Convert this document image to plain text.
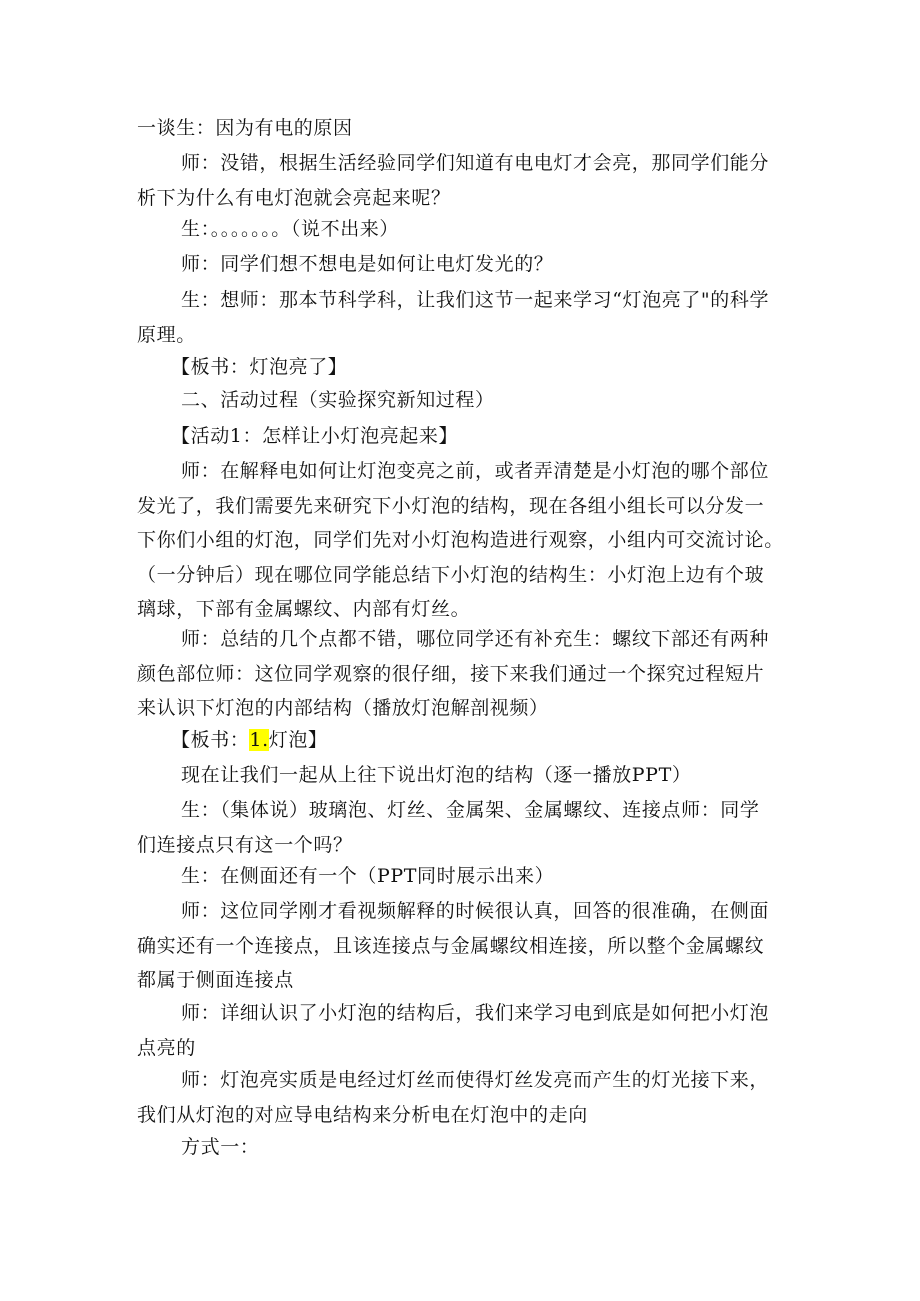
一谈生：因为有电的原因
师：没错，根据生活经验同学们知道有电电灯才会亮，那同学们能分
析下为什么有电灯泡就会亮起来呢？
生：。。。。。。。（说不出来）
师：同学们想不想电是如何让电灯发光的？
生：想师：那本节科学科，让我们这节一起来学习“灯泡亮了"的科学
原理。
【板书：灯泡亮了】
二、活动过程（实验探究新知过程）
【活动1：怎样让小灯泡亮起来】
师：在解释电如何让灯泡变亮之前，或者弄清楚是小灯泡的哪个部位
发光了，我们需要先来研究下小灯泡的结构，现在各组小组长可以分发一
下你们小组的灯泡，同学们先对小灯泡构造进行观察，小组内可交流讨论。
（一分钟后）现在哪位同学能总结下小灯泡的结构生：小灯泡上边有个玻
璃球，下部有金属螺纹、内部有灯丝。
师：总结的几个点都不错，哪位同学还有补充生：螺纹下部还有两种
颜色部位师：这位同学观察的很仔细，接下来我们通过一个探究过程短片
来认识下灯泡的内部结构（播放灯泡解剖视频）
【板书：1.灯泡】
现在让我们一起从上往下说出灯泡的结构（逐一播放PPT）
生：（集体说）玻璃泡、灯丝、金属架、金属螺纹、连接点师：同学
们连接点只有这一个吗？
生：在侧面还有一个（PPT同时展示出来）
师：这位同学刚才看视频解释的时候很认真，回答的很准确，在侧面
确实还有一个连接点，且该连接点与金属螺纹相连接，所以整个金属螺纹
都属于侧面连接点
师：详细认识了小灯泡的结构后，我们来学习电到底是如何把小灯泡
点亮的
师：灯泡亮实质是电经过灯丝而使得灯丝发亮而产生的灯光接下来，
我们从灯泡的对应导电结构来分析电在灯泡中的走向
方式一：
